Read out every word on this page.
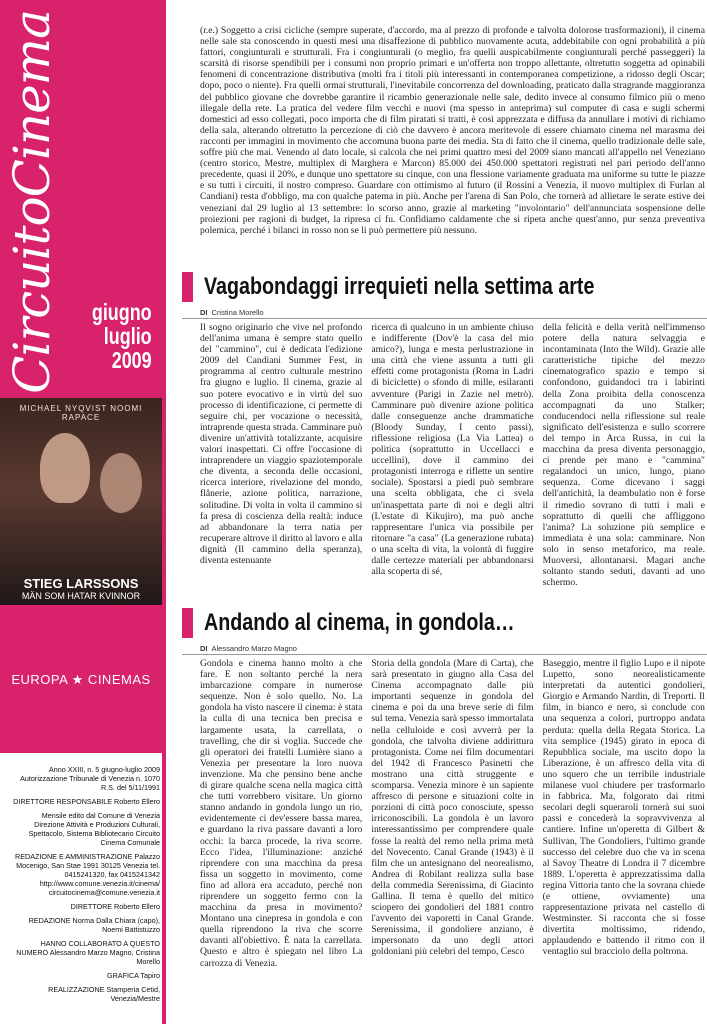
CircuitoCinema giugno
luglio
2009
MICHAEL NYQVIST NOOMI RAPACE
STIEG LARSSONS
MÄN SOM HATAR KVINNOR
EUROPA ★ CINEMAS

Anno XXIII, n. 5 giugno-luglio 2009 Autorizzazione Tribunale di Venezia n. 1070 R.S. del 5/11/1991

DIRETTORE RESPONSABILE Roberto Ellero

Mensile edito dal Comune di Venezia Direzione Attività e Produzioni Culturali, Spettacolo, Sistema Bibliotecario Circuito Cinema Comunale

REDAZIONE E AMMINISTRAZIONE Palazzo Mocenigo, San Stae 1991 30125 Venezia tel. 0415241320, fax 0415241342 http://www.comune.venezia.it/cinema/ circuitocinema@comune.venezia.it

DIRETTORE Roberto Ellero

REDAZIONE Norma Dalla Chiara (capo), Noemi Battistuzzo

HANNO COLLABORATO A QUESTO NUMERO Alessandro Marzo Magno, Cristina Morello

GRAFICA Tapiro

REALIZZAZIONE Stamperia Cetid, Venezia/Mestre

(r.e.) Soggetto a crisi cicliche (sempre superate, d'accordo, ma al prezzo di profonde e talvolta dolorose trasformazioni), il cinema nelle sale sta conoscendo in questi mesi una disaffezione di pubblico nuovamente acuta, addebitabile con ogni probabilità a più fattori, congiunturali e strutturali. Fra i congiunturali (o meglio, fra quelli auspicabilmente congiunturali perché passeggeri) la scarsità di risorse spendibili per i consumi non proprio primari e un'offerta non troppo allettante, oltretutto soggetta ad opinabili fenomeni di concentrazione distributiva (molti fra i titoli più interessanti in contemporanea competizione, a ridosso degli Oscar; dopo, poco o niente). Fra quelli ormai strutturali, l'inevitabile concorrenza del downloading, praticato dalla stragrande maggioranza del pubblico giovane che dovrebbe garantire il ricambio generazionale nelle sale, dedito invece al consumo filmico più o meno illegale della rete. La pratica del vedere film vecchi e nuovi (ma spesso in anteprima) sul computer di casa e sugli schermi domestici ad esso collegati, poco importa che di film piratati si tratti, è così apprezzata e diffusa da annullare i motivi di richiamo della sala, alterando oltretutto la percezione di ciò che davvero è ancora meritevole di essere chiamato cinema nel marasma dei racconti per immagini in movimento che accomuna buona parte dei media. Sta di fatto che il cinema, quello tradizionale delle sale, soffre più che mai. Venendo al dato locale, si calcola che nei primi quattro mesi del 2009 siano mancati all'appello nel Veneziano (centro storico, Mestre, multiplex di Marghera e Marcon) 85.000 dei 450.000 spettatori registrati nel pari periodo dell'anno precedente, quasi il 20%, e dunque uno spettatore su cinque, con una flessione variamente graduata ma uniforme su tutte le piazze e su tutti i circuiti, il nostro compreso. Guardare con ottimismo al futuro (il Rossini a Venezia, il nuovo multiplex di Furlan al Candiani) resta d'obbligo, ma con qualche patema in più. Anche per l'arena di San Polo, che tornerà ad allietare le serate estive dei veneziani dal 29 luglio al 13 settembre: lo scorso anno, grazie al marketing "involontario" dell'annunciata sospensione delle proiezioni per ragioni di budget, la ripresa ci fu. Confidiamo caldamente che si ripeta anche quest'anno, pur senza preventiva polemica, perché i bilanci in rosso non se li può permettere più nessuno.

Vagabondaggi irrequieti nella settima arte
DI Cristina Morello

Il sogno originario che vive nel profondo dell'anima umana è sempre stato quello del "cammino", cui è dedicata l'edizione 2009 del Candiani Summer Fest, in programma al centro culturale mestrino fra giugno e luglio. Il cinema, grazie al suo potere evocativo e in virtù del suo processo di identificazione, ci permette di seguire chi, per vocazione o necessità, intraprende questa strada. Camminare può divenire un'attività totalizzante, acquisire valori inaspettati. Ci offre l'occasione di intraprendere un viaggio spaziotemporale che diventa, a seconda delle occasioni, ricerca interiore, rivelazione del mondo, flânerie, azione politica, narrazione, solitudine. Di volta in volta il cammino si fa presa di coscienza della realtà: induce ad abbandonare la terra natia per recuperare altrove il diritto al lavoro e alla dignità (Il cammino della speranza), diventa estenuante

ricerca di qualcuno in un ambiente chiuso e indifferente (Dov'è la casa del mio amico?), lunga e mesta perlustrazione in una città che viene assunta a tutti gli effetti come protagonista (Roma in Ladri di biciclette) o sfondo di mille, esilaranti avventure (Parigi in Zazie nel metrò). Camminare può divenire azione politica dalle conseguenze anche drammatiche (Bloody Sunday, I cento passi), riflessione religiosa (La Via Lattea) o politica (soprattutto in Uccellacci e uccellini), dove il cammino dei protagonisti interroga e riflette un sentire sociale). Spostarsi a piedi può sembrare una scelta obbligata, che ci svela un'inaspettata parte di noi e degli altri (L'estate di Kikujiro), ma può anche rappresentare l'unica via possibile per ritornare "a casa" (La generazione rubata) o una scelta di vita, la volontà di fuggire dalle certezze materiali per abbandonarsi alla scoperta di sé,

della felicità e della verità nell'immenso potere della natura selvaggia e incontaminata (Into the Wild). Grazie alle caratteristiche tipiche del mezzo cinematografico spazio e tempo si confondono, guidandoci tra i labirinti della Zona proibita della conoscenza accompagnati da uno Stalker; conducendoci nella riflessione sul reale significato dell'esistenza e sullo scorrere del tempo in Arca Russa, in cui la macchina da presa diventa personaggio, ci prende per mano e "cammina" regalandoci un unico, lungo, piano sequenza. Come dicevano i saggi dell'antichità, la deambulatio non è forse il rimedio sovrano di tutti i mali e soprattutto di quelli che affliggono l'anima? La soluzione più semplice e immediata è una sola: camminare. Non solo in senso metaforico, ma reale. Muoversi, allontanarsi. Magari anche soltanto stando seduti, davanti ad uno schermo.

Andando al cinema, in gondola…
DI Alessandro Marzo Magno

Gondola e cinema hanno molto a che fare. E non soltanto perché la nera imbarcazione compare in numerose sequenze. Non è solo quello. No. La gondola ha visto nascere il cinema: è stata la culla di una tecnica ben precisa e largamente usata, la carrellata, o travelling, che dir si voglia. Succede che gli operatori dei fratelli Lumière siano a Venezia per presentare la loro nuova invenzione. Ma che pensino bene anche di girare qualche scena nella magica città che tutti vorrebbero visitare. Un giorno stanno andando in gondola lungo un rio, evidentemente ci dev'essere bassa marea, e guardano la riva passare davanti a loro occhi: la barca procede, la riva scorre. Ecco l'idea, l'illuminazione: anziché riprendere con una macchina da presa fissa un soggetto in movimento, come fino ad allora era accaduto, perché non riprendere un soggetto fermo con la macchina da presa in movimento? Montano una cinepresa in gondola e con quella riprendono la riva che scorre davanti all'obiettivo. È nata la carrellata. Questo e altro è spiegato nel libro La carrozza di Venezia.

Storia della gondola (Mare di Carta), che sarà presentato in giugno alla Casa del Cinema accompagnato dalle più importanti sequenze in gondola del cinema e poi da una breve serie di film sul tema. Venezia sarà spesso immortalata nella celluloide e così avverrà per la gondola, che talvolta diviene addirittura protagonista. Come nei film documentari del 1942 di Francesco Pasinetti che mostrano una città struggente e scomparsa. Venezia minore è un sapiente affresco di persone e situazioni colte in porzioni di città poco conosciute, spesso irriconoscibili. La gondola è un lavoro interessantissimo per comprendere quale fosse la realtà del remo nella prima metà del Novecento. Canal Grande (1943) è il film che un antesignano del neorealismo, Andrea di Robilant realizza sulla base della commedia Serenissima, di Giacinto Gallina. Il tema è quello del mitico sciopero dei gondolieri del 1881 contro l'avvento dei vaporetti in Canal Grande. Serenissima, il gondoliere anziano, è impersonato da uno degli attori goldoniani più celebri del tempo, Cesco

Baseggio, mentre il figlio Lupo e il nipote Lupetto, sono neorealisticamente interpretati da autentici gondolieri, Giorgio e Armando Nardin, di Treporti. Il film, in bianco e nero, si conclude con una sequenza a colori, purtroppo andata perduta: quella della Regata Storica. La vita semplice (1945) girato in epoca di Repubblica sociale, ma uscito dopo la Liberazione, è un affresco della vita di uno squero che un terribile industriale milanese vuol chiudere per trasformarlo in fabbrica. Ma, folgorato dai ritmi secolari degli squeraroli tornerà sui suoi passi e concederà la sopravvivenza al cantiere. Infine un'operetta di Gilbert & Sullivan, The Gondoliers, l'ultimo grande successo del celebre duo che va in scena al Savoy Theatre di Londra il 7 dicembre 1889. L'operetta è apprezzatissima dalla regina Vittoria tanto che la sovrana chiede (e ottiene, ovviamente) una rappresentazione privata nel castello di Westminster. Si racconta che si fosse divertita moltissimo, ridendo, applaudendo e battendo il ritmo con il ventaglio sul bracciolo della poltrona.
